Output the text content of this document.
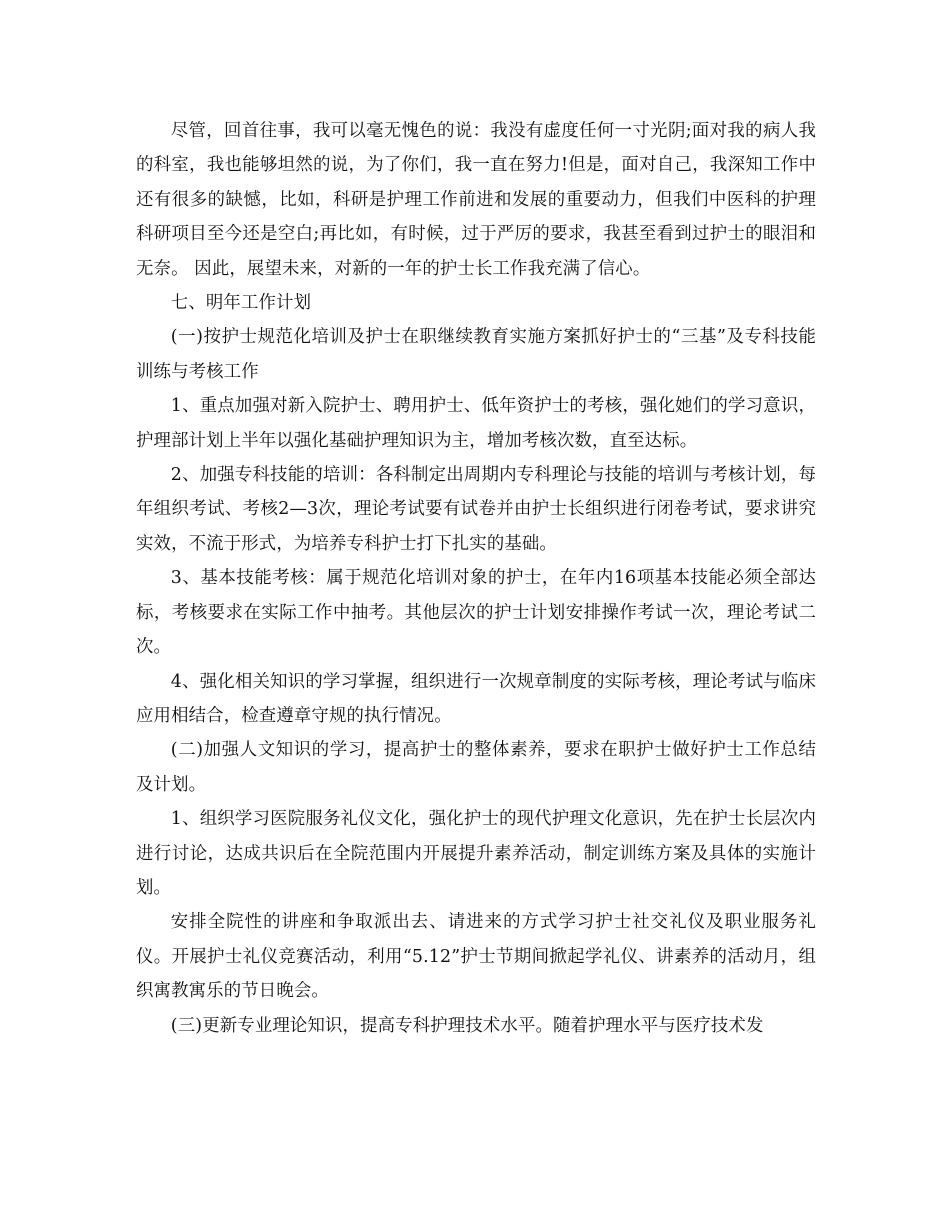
尽管，回首往事，我可以毫无愧色的说：我没有虚度任何一寸光阴;面对我的病人我的科室，我也能够坦然的说，为了你们，我一直在努力!但是，面对自己，我深知工作中还有很多的缺憾，比如，科研是护理工作前进和发展的重要动力，但我们中医科的护理科研项目至今还是空白;再比如，有时候，过于严厉的要求，我甚至看到过护士的眼泪和无奈。 因此，展望未来，对新的一年的护士长工作我充满了信心。

七、明年工作计划

(一)按护士规范化培训及护士在职继续教育实施方案抓好护士的“三基”及专科技能训练与考核工作

1、重点加强对新入院护士、聘用护士、低年资护士的考核，强化她们的学习意识，护理部计划上半年以强化基础护理知识为主，增加考核次数，直至达标。

2、加强专科技能的培训：各科制定出周期内专科理论与技能的培训与考核计划，每年组织考试、考核2—3次，理论考试要有试卷并由护士长组织进行闭卷考试，要求讲究实效，不流于形式，为培养专科护士打下扎实的基础。

3、基本技能考核：属于规范化培训对象的护士，在年内16项基本技能必须全部达标，考核要求在实际工作中抽考。其他层次的护士计划安排操作考试一次，理论考试二次。

4、强化相关知识的学习掌握，组织进行一次规章制度的实际考核，理论考试与临床应用相结合，检查遵章守规的执行情况。

(二)加强人文知识的学习，提高护士的整体素养，要求在职护士做好护士工作总结及计划。

1、组织学习医院服务礼仪文化，强化护士的现代护理文化意识，先在护士长层次内进行讨论，达成共识后在全院范围内开展提升素养活动，制定训练方案及具体的实施计划。

安排全院性的讲座和争取派出去、请进来的方式学习护士社交礼仪及职业服务礼仪。开展护士礼仪竞赛活动，利用“5.12”护士节期间掀起学礼仪、讲素养的活动月，组织寓教寓乐的节日晚会。

(三)更新专业理论知识，提高专科护理技术水平。随着护理水平与医疗技术发
